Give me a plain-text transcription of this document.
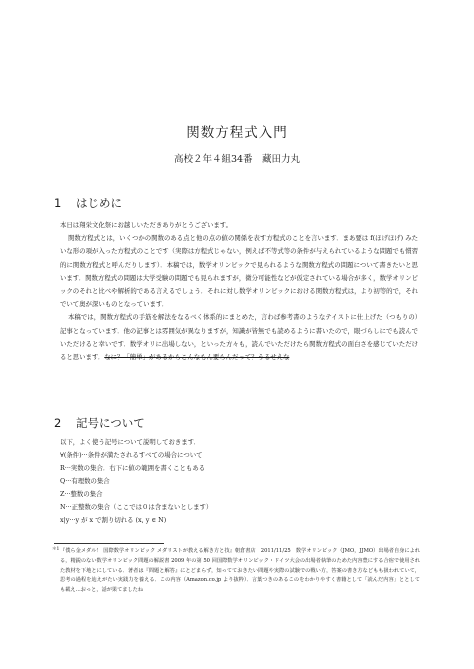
関数方程式入門
高校２年４組34番　藏田力丸
1 はじめに

本日は翔栄文化祭にお越しいただきありがとうございます。

関数方程式とは，いくつかの関数のある点と他の点の値の関係を表す方程式のことを言います．まあ要は f(ほげほげ) みたいな形の項が入った方程式のことです（実際は方程式じゃない，例えば不等式等の条件が与えられているような問題でも慣習的に関数方程式と呼んだりします）．本稿では，数学オリンピックで見られるような関数方程式の問題について書きたいと思います．関数方程式の問題は大学受験の問題でも見られますが，微分可能性などが仮定されている場合が多く，数学オリンピックのそれと比べや解析的である言えるでしょう．それに対し数学オリンピックにおける関数方程式は，より初等的で，それでいて奥が深いものとなっています．

本稿では，関数方程式の手筋を解法をなるべく体系的にまとめた，言わば参考書のようなテイストに仕上げた（つもりの）記事となっています．他の記事とは雰囲気が異なりますが，知識が皆無でも読めるように書いたので，眼づらしにでも読んでいただけると幸いです．数学オリに出場しない，といった方々も，読んでいただけたら関数方程式の面白さを感じていただけると思います．なに？「簡単」があるからこんなもん要らんだって？うるせえな

2 記号について
以下，よく使う記号について説明しておきます．
∀(条件)···条件が満たされるすべての場合について
R···実数の集合．右下に値の範囲を書くこともある
Q···有理数の集合
Z···整数の集合
N···正整数の集合（ここでは０は含まないとします）
x|y···y が x で割り切れる (x, y ∈ N)
＊1 『僕ら金メダル！ 国際数学オリンピック メダリストが教える解き方と技』朝倉書店　2011/11/25　数学オリンピック（JMO，JJMO）出場者自身によれる，精鋭のない数学オリンピック問題の解説書 2009 年の第 50 回国際数学オリンピック・ドイツ大会の出場者執筆のためた内容豊にする合宿で使用された教材を下地とにしている．著者は『問題と解答』にとどまらず，知ってておきたい問題や実際の試験での戦い方，答案の書き方などもも扱われていて，思考の過程を辿えがたい実践力を養える．この内容（Amazon.co.jp より抜粋）．言葉つきのあるこのをわかりやすく書籍として「読んだ内容」ととしても載え…おっと，話が果てましたね
